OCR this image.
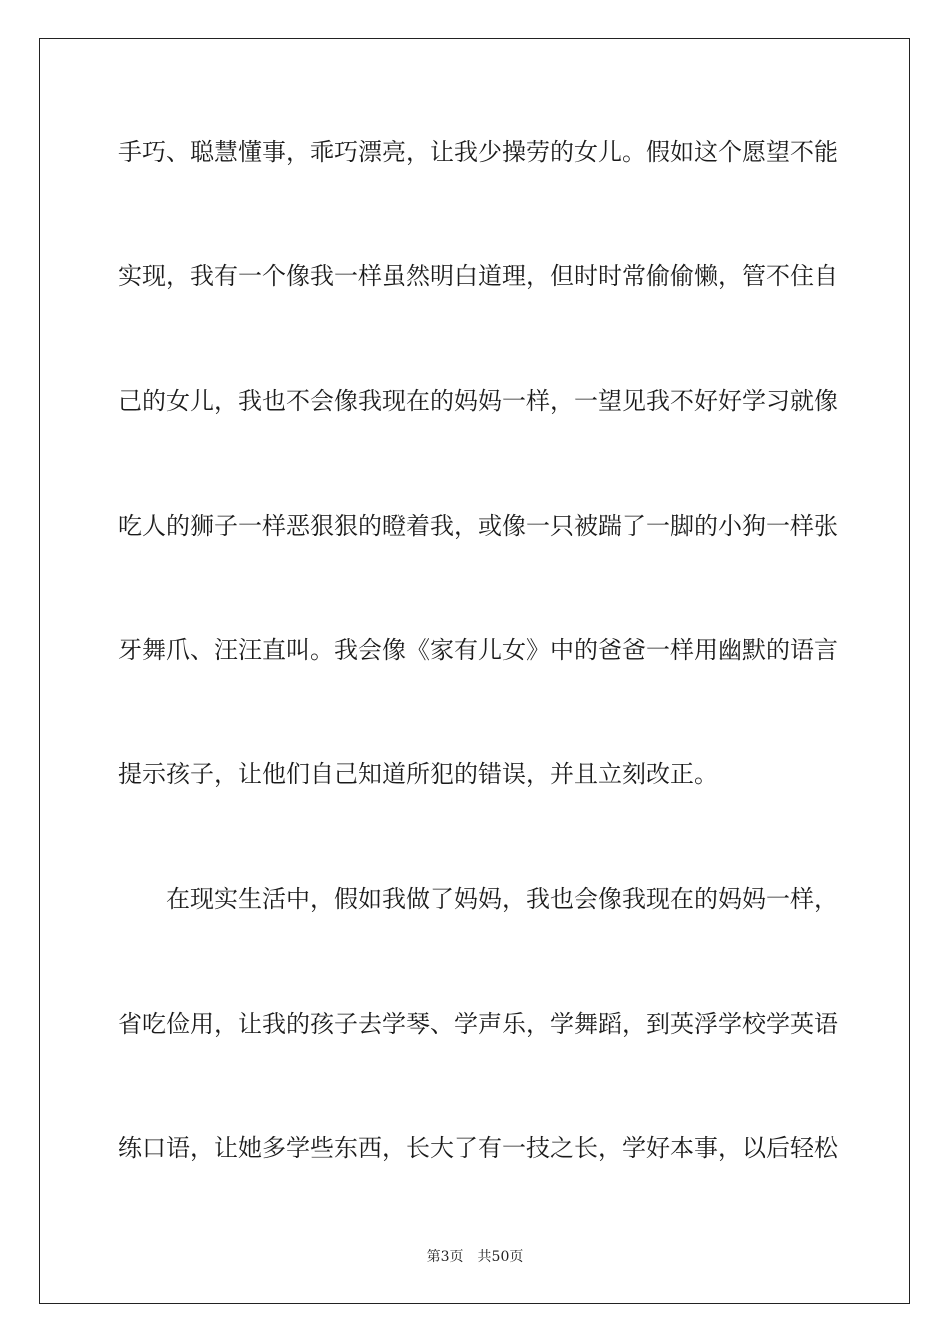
手巧、聪慧懂事，乖巧漂亮，让我少操劳的女儿。假如这个愿望不能
实现，我有一个像我一样虽然明白道理，但时时常偷偷懒，管不住自
己的女儿，我也不会像我现在的妈妈一样，一望见我不好好学习就像
吃人的狮子一样恶狠狠的瞪着我，或像一只被踹了一脚的小狗一样张
牙舞爪、汪汪直叫。我会像《家有儿女》中的爸爸一样用幽默的语言
提示孩子，让他们自己知道所犯的错误，并且立刻改正。
在现实生活中，假如我做了妈妈，我也会像我现在的妈妈一样，
省吃俭用，让我的孩子去学琴、学声乐，学舞蹈，到英浮学校学英语
练口语，让她多学些东西，长大了有一技之长，学好本事，以后轻松
第3页 共50页
